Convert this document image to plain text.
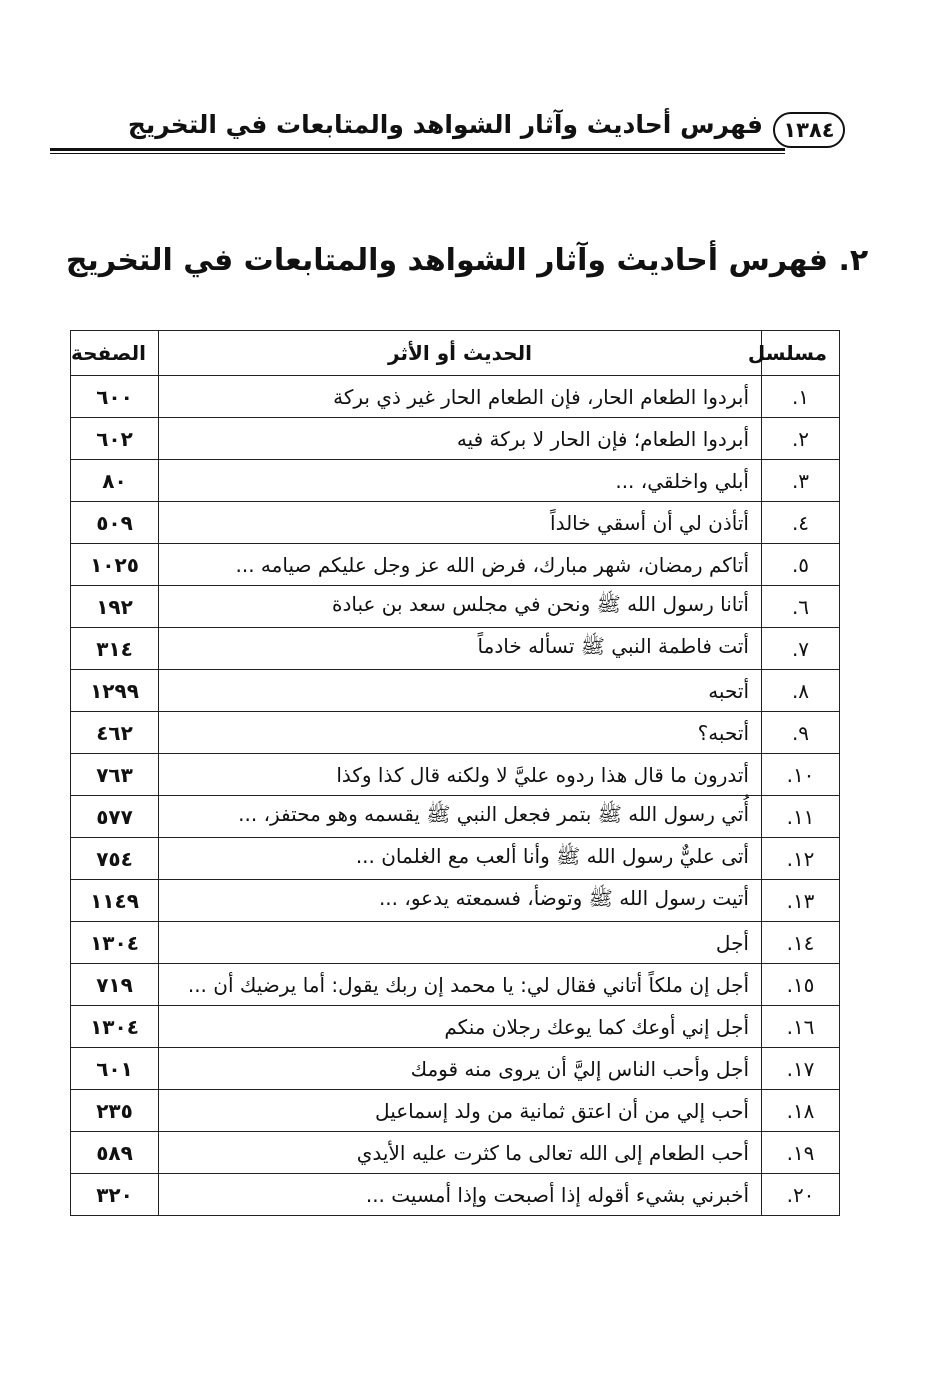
١٣٨٤
فهرس أحاديث وآثار الشواهد والمتابعات في التخريج
٢. فهرس أحاديث وآثار الشواهد والمتابعات في التخريج
مسلسل	الحديث أو الأثر	الصفحة
١.	أبردوا الطعام الحار، فإن الطعام الحار غير ذي بركة	٦٠٠
٢.	أبردوا الطعام؛ فإن الحار لا بركة فيه	٦٠٢
٣.	أبلي واخلقي، ...	٨٠
٤.	أتأذن لي أن أسقي خالداً	٥٠٩
٥.	أتاكم رمضان، شهر مبارك، فرض الله عز وجل عليكم صيامه ...	١٠٢٥
٦.	أتانا رسول الله ﷺ ونحن في مجلس سعد بن عبادة	١٩٢
٧.	أتت فاطمة النبي ﷺ تسأله خادماً	٣١٤
٨.	أتحبه	١٢٩٩
٩.	أتحبه؟	٤٦٢
١٠.	أتدرون ما قال هذا ردوه عليَّ لا ولكنه قال كذا وكذا	٧٦٣
١١.	أُتي رسول الله ﷺ بتمر فجعل النبي ﷺ يقسمه وهو محتفز، ...	٥٧٧
١٢.	أتى عليٌّ رسول الله ﷺ وأنا ألعب مع الغلمان ...	٧٥٤
١٣.	أتيت رسول الله ﷺ وتوضأ، فسمعته يدعو، ...	١١٤٩
١٤.	أجل	١٣٠٤
١٥.	أجل إن ملكاً أتاني فقال لي: يا محمد إن ربك يقول: أما يرضيك أن ...	٧١٩
١٦.	أجل إني أوعك كما يوعك رجلان منكم	١٣٠٤
١٧.	أجل وأحب الناس إليَّ أن يروى منه قومك	٦٠١
١٨.	أحب إلي من أن اعتق ثمانية من ولد إسماعيل	٢٣٥
١٩.	أحب الطعام إلى الله تعالى ما كثرت عليه الأيدي	٥٨٩
٢٠.	أخبرني بشيء أقوله إذا أصبحت وإذا أمسيت ...	٣٢٠
